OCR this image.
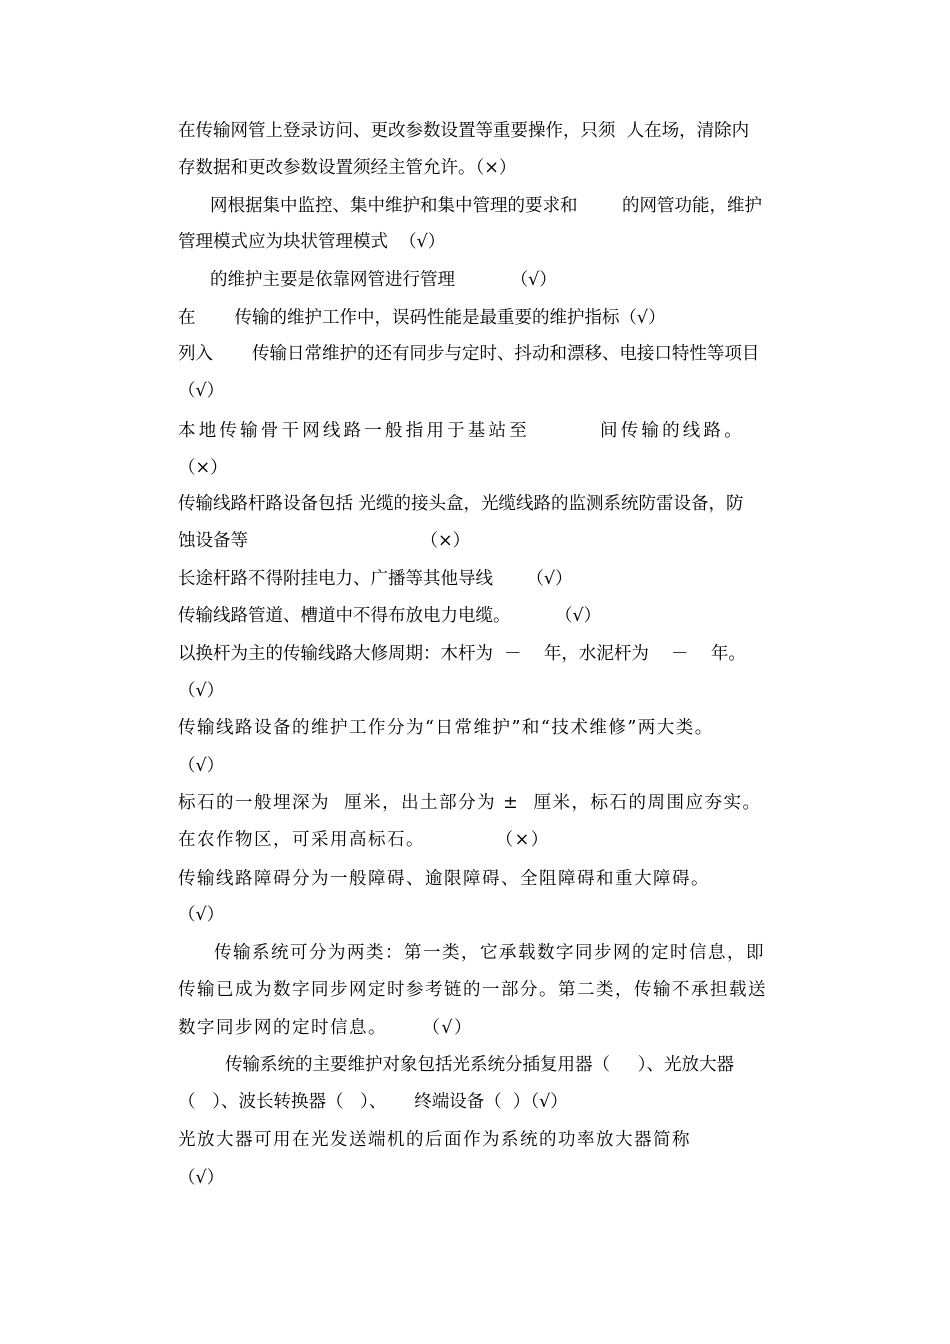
在传输网管上登录访问、更改参数设置等重要操作，只须  人在场，清除内
存数据和更改参数设置须经主管允许。（×）
网根据集中监控、集中维护和集中管理的要求和        的网管功能，维护
管理模式应为块状管理模式  （√）
的维护主要是依靠网管进行管理          （√）
在       传输的维护工作中，误码性能是最重要的维护指标（√）
列入       传输日常维护的还有同步与定时、抖动和漂移、电接口特性等项目
（√）
本地传输骨干网线路一般指用于基站至        间传输的线路。
（×）
传输线路杆路设备包括 光缆的接头盒，光缆线路的监测系统防雷设备，防
蚀设备等                               （×）
长途杆路不得附挂电力、广播等其他导线      （√）
传输线路管道、槽道中不得布放电力电缆。        （√）
以换杆为主的传输线路大修周期：木杆为  －    年，水泥杆为    －    年。
（√）
传输线路设备的维护工作分为“日常维护”和“技术维修”两大类。
（√）
标石的一般埋深为  厘米，出土部分为 ±  厘米，标石的周围应夯实。
在农作物区，可采用高标石。          （×）
传输线路障碍分为一般障碍、逾限障碍、全阻障碍和重大障碍。
（√）
传输系统可分为两类：第一类，它承载数字同步网的定时信息，即
传输已成为数字同步网定时参考链的一部分。第二类，传输不承担载送
数字同步网的定时信息。     （√）
传输系统的主要维护对象包括光系统分插复用器（     ）、光放大器
（   ）、波长转换器（   ）、     终端设备（  ）（√）
光放大器可用在光发送端机的后面作为系统的功率放大器简称
（√）
